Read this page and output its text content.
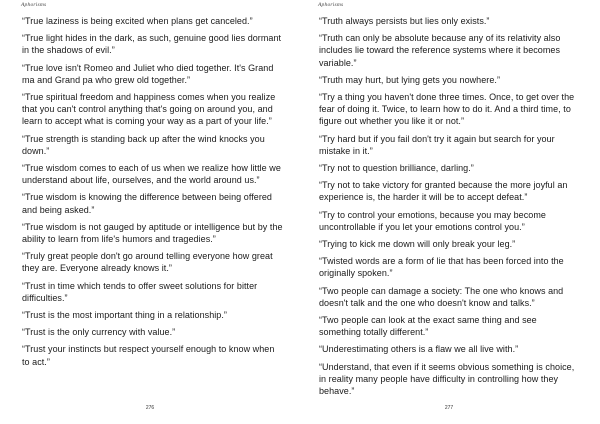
Aphorisms
“True laziness is being excited when plans get canceled.”
“True light hides in the dark, as such, genuine good lies dormant in the shadows of evil.”
“True love isn't Romeo and Juliet who died together. It's Grand ma and Grand pa who grew old together.”
“True spiritual freedom and happiness comes when you realize that you can't control anything that's going on around you, and learn to accept what is coming your way as a part of your life.”
“True strength is standing back up after the wind knocks you down.”
“True wisdom comes to each of us when we realize how little we understand about life, ourselves, and the world around us.”
“True wisdom is knowing the difference between being offered and being asked.”
“True wisdom is not gauged by aptitude or intelligence but by the ability to learn from life's humors and tragedies.”
“Truly great people don't go around telling everyone how great they are. Everyone already knows it.”
“Trust in time which tends to offer sweet solutions for bitter difficulties.”
“Trust is the most important thing in a relationship.”
“Trust is the only currency with value.”
“Trust your instincts but respect yourself enough to know when to act.”
276
Aphorisms
“Truth always persists but lies only exists.”
“Truth can only be absolute because any of its relativity also includes lie toward the reference systems where it becomes variable.”
“Truth may hurt, but lying gets you nowhere.”
“Try a thing you haven't done three times. Once, to get over the fear of doing it. Twice, to learn how to do it. And a third time, to figure out whether you like it or not.”
“Try hard but if you fail don't try it again but search for your mistake in it.”
“Try not to question brilliance, darling.”
“Try not to take victory for granted because the more joyful an experience is, the harder it will be to accept defeat.”
“Try to control your emotions, because you may become uncontrollable if you let your emotions control you.”
“Trying to kick me down will only break your leg.”
“Twisted words are a form of lie that has been forced into the originally spoken.”
“Two people can damage a society: The one who knows and doesn't talk and the one who doesn't know and talks.”
“Two people can look at the exact same thing and see something totally different.”
“Underestimating others is a flaw we all live with.”
“Understand, that even if it seems obvious something is choice, in reality many people have difficulty in controlling how they behave.”
277
